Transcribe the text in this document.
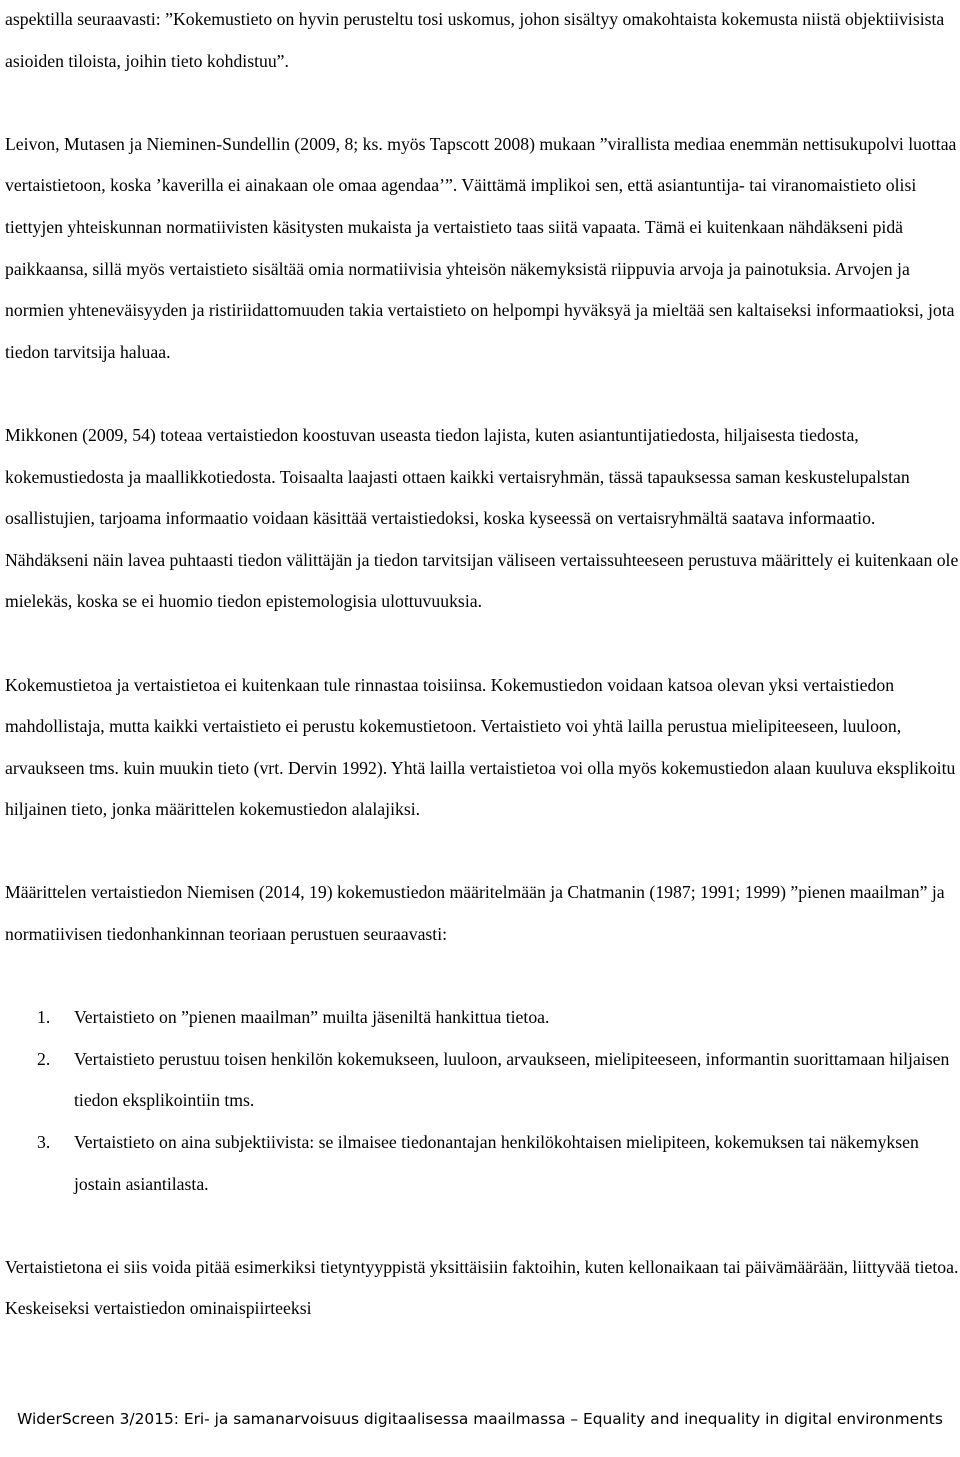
aspektilla seuraavasti: ”Kokemustieto on hyvin perusteltu tosi uskomus, johon sisältyy omakohtaista kokemusta niistä objektiivisista asioiden tiloista, joihin tieto kohdistuu”.

Leivon, Mutasen ja Nieminen-Sundellin (2009, 8; ks. myös Tapscott 2008) mukaan ”virallista mediaa enemmän nettisukupolvi luottaa vertaistietoon, koska ’kaverilla ei ainakaan ole omaa agendaa’”. Väittämä implikoi sen, että asiantuntija- tai viranomaistieto olisi tiettyjen yhteiskunnan normatiivisten käsitysten mukaista ja vertaistieto taas siitä vapaata. Tämä ei kuitenkaan nähdäkseni pidä paikkaansa, sillä myös vertaistieto sisältää omia normatiivisia yhteisön näkemyksistä riippuvia arvoja ja painotuksia. Arvojen ja normien yhteneväisyyden ja ristiriidattomuuden takia vertaistieto on helpompi hyväksyä ja mieltää sen kaltaiseksi informaatioksi, jota tiedon tarvitsija haluaa.

Mikkonen (2009, 54) toteaa vertaistiedon koostuvan useasta tiedon lajista, kuten asiantuntijatiedosta, hiljaisesta tiedosta, kokemustiedosta ja maallikkotiedosta. Toisaalta laajasti ottaen kaikki vertaisryhmän, tässä tapauksessa saman keskustelupalstan osallistujien, tarjoama informaatio voidaan käsittää vertaistiedoksi, koska kyseessä on vertaisryhmältä saatava informaatio. Nähdäkseni näin lavea puhtaasti tiedon välittäjän ja tiedon tarvitsijan väliseen vertaissuhteeseen perustuva määrittely ei kuitenkaan ole mielekäs, koska se ei huomio tiedon epistemologisia ulottuvuuksia.

Kokemustietoa ja vertaistietoa ei kuitenkaan tule rinnastaa toisiinsa. Kokemustiedon voidaan katsoa olevan yksi vertaistiedon mahdollistaja, mutta kaikki vertaistieto ei perustu kokemustietoon. Vertaistieto voi yhtä lailla perustua mielipiteeseen, luuloon, arvaukseen tms. kuin muukin tieto (vrt. Dervin 1992). Yhtä lailla vertaistietoa voi olla myös kokemustiedon alaan kuuluva eksplikoitu hiljainen tieto, jonka määrittelen kokemustiedon alalajiksi.

Määrittelen vertaistiedon Niemisen (2014, 19) kokemustiedon määritelmään ja Chatmanin (1987; 1991; 1999) ”pienen maailman” ja normatiivisen tiedonhankinnan teoriaan perustuen seuraavasti:

1. Vertaistieto on ”pienen maailman” muilta jäseniltä hankittua tietoa.
2. Vertaistieto perustuu toisen henkilön kokemukseen, luuloon, arvaukseen, mielipiteeseen, informantin suorittamaan hiljaisen tiedon eksplikointiin tms.
3. Vertaistieto on aina subjektiivista: se ilmaisee tiedonantajan henkilökohtaisen mielipiteen, kokemuksen tai näkemyksen jostain asiantilasta.

Vertaistietona ei siis voida pitää esimerkiksi tietyntyyppistä yksittäisiin faktoihin, kuten kellonaikaan tai päivämäärään, liittyvää tietoa. Keskeiseksi vertaistiedon ominaispiirteeksi

WiderScreen 3/2015: Eri- ja samanarvoisuus digitaalisessa maailmassa – Equality and inequality in digital environments
